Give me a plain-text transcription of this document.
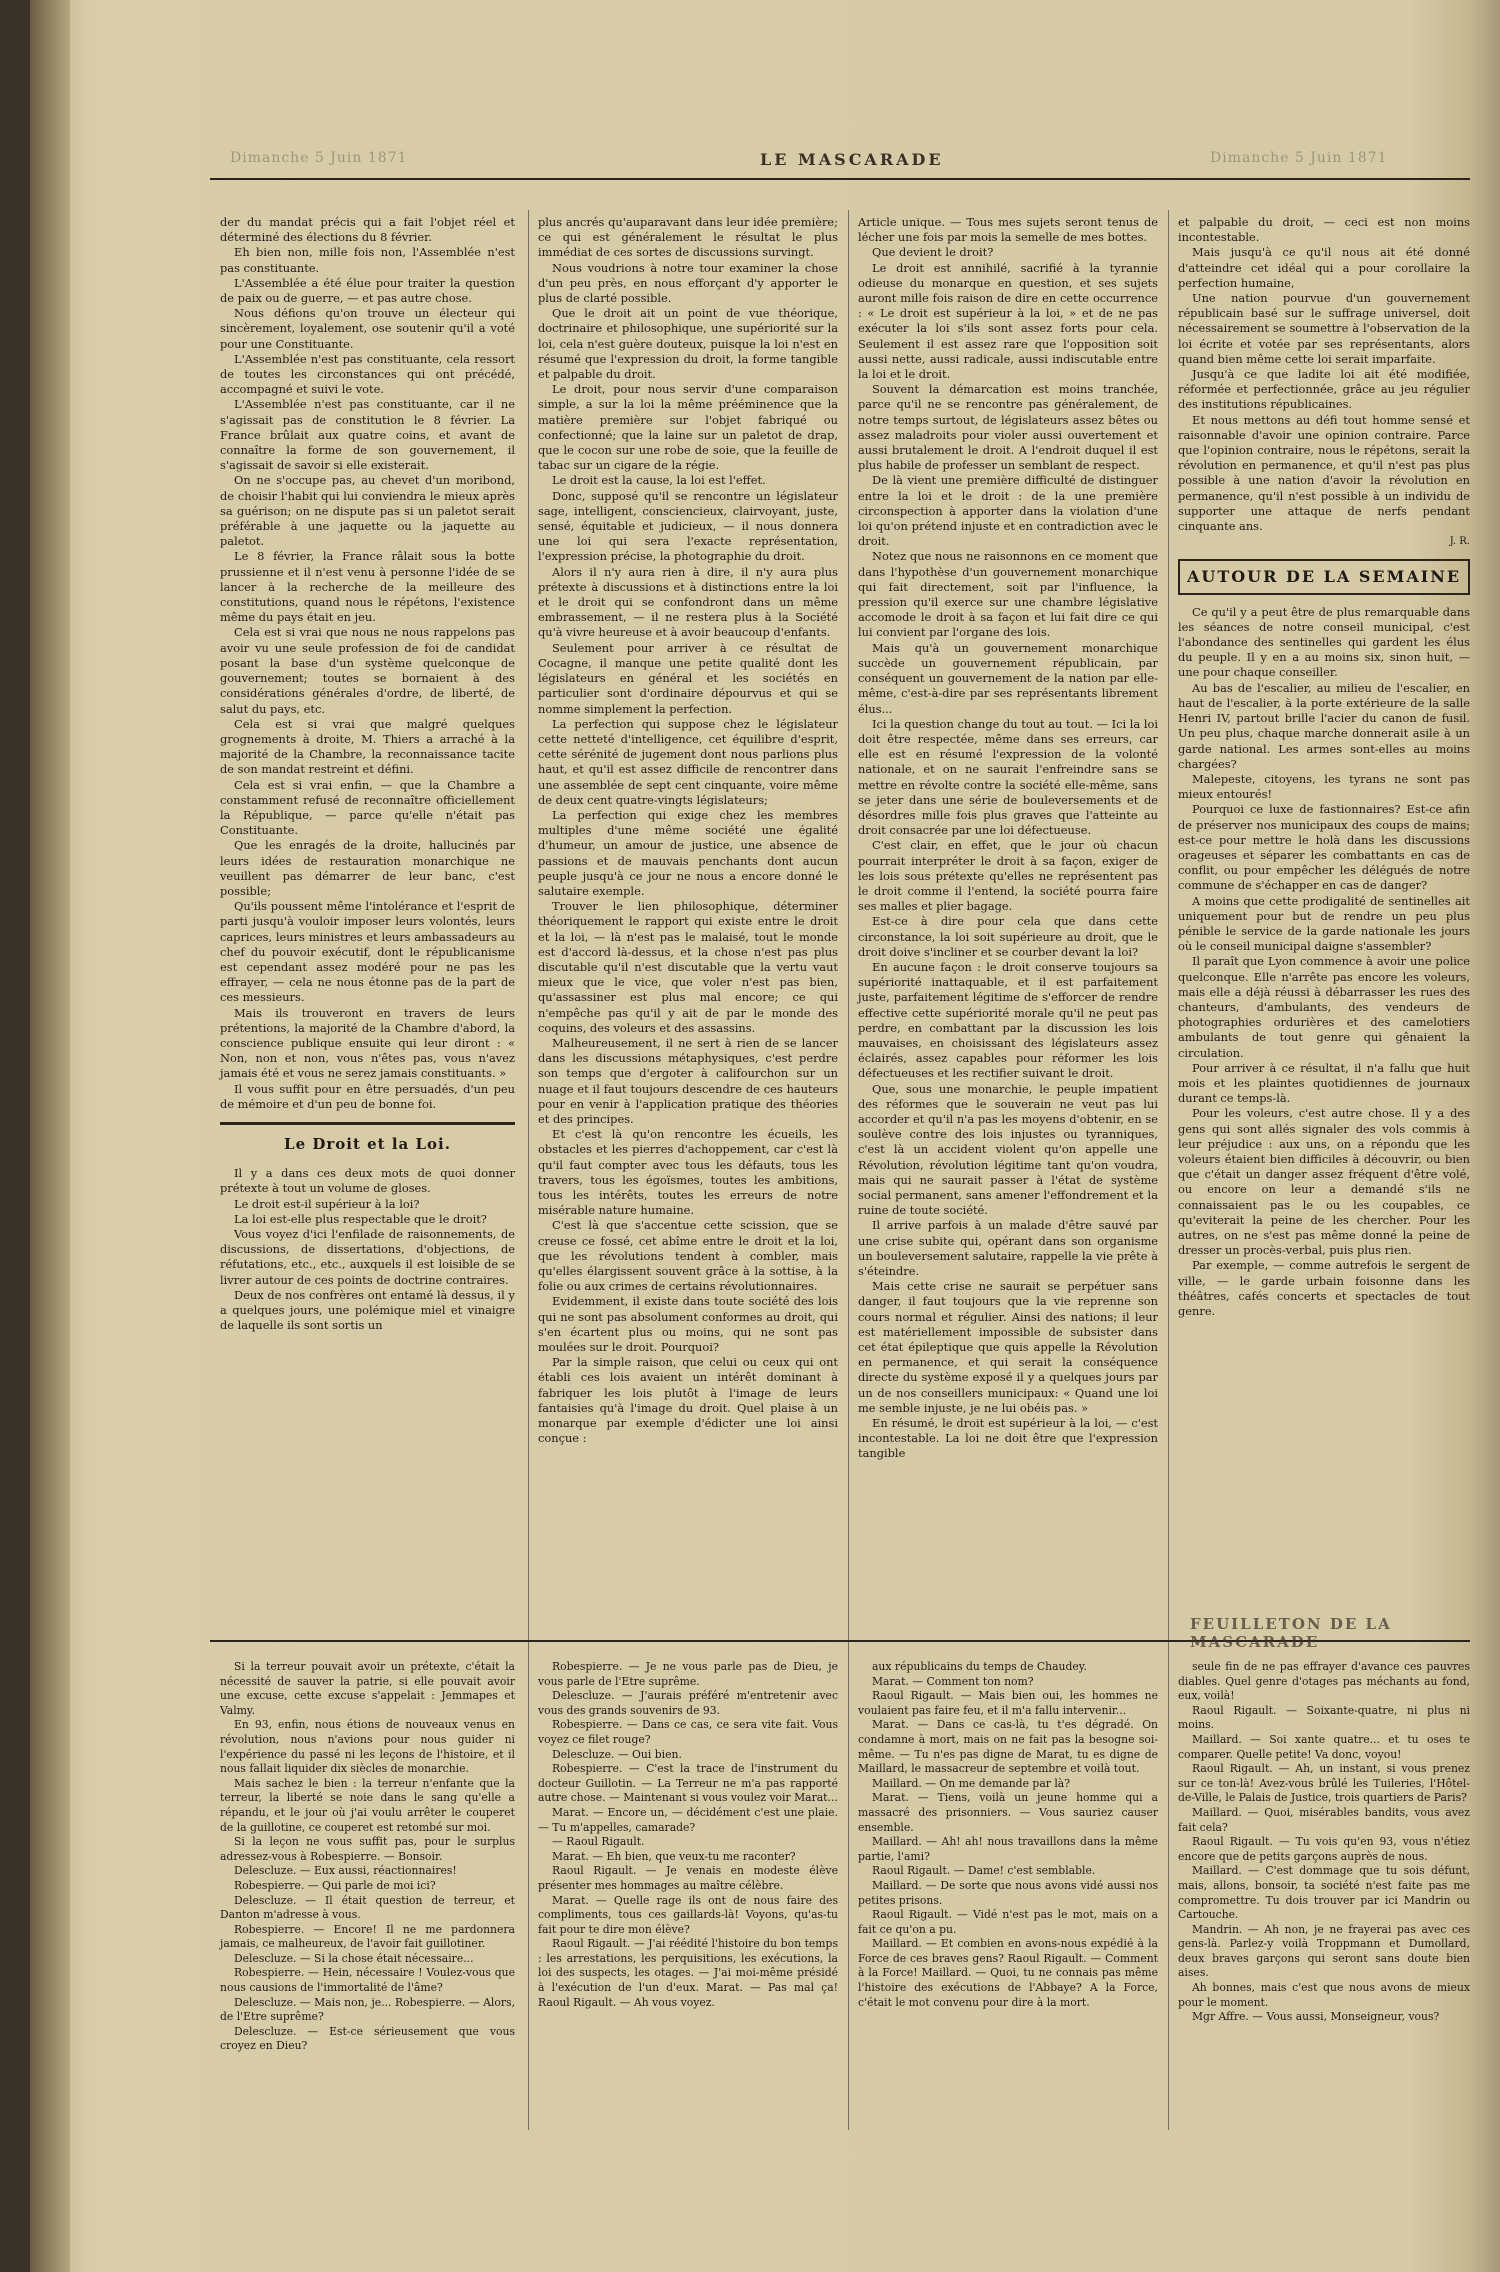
Dimanche 5 Juin 1871	LE MASCARADE	Dimanche 5 Juin 1871

der du mandat précis qui a fait l'objet réel et déterminé des élections du 8 février.

Eh bien non, mille fois non, l'Assemblée n'est pas constituante.

L'Assemblée a été élue pour traiter la question de paix ou de guerre, — et pas autre chose.

Nous défions qu'on trouve un électeur qui sincèrement, loyalement, ose soutenir qu'il a voté pour une Constituante.

L'Assemblée n'est pas constituante, cela ressort de toutes les circonstances qui ont précédé, accompagné et suivi le vote.

L'Assemblée n'est pas constituante, car il ne s'agissait pas de constitution le 8 février. La France brûlait aux quatre coins, et avant de connaître la forme de son gouvernement, il s'agissait de savoir si elle existerait.

On ne s'occupe pas, au chevet d'un moribond, de choisir l'habit qui lui conviendra le mieux après sa guérison; on ne dispute pas si un paletot serait préférable à une jaquette ou la jaquette au paletot.

Le 8 février, la France râlait sous la botte prussienne et il n'est venu à personne l'idée de se lancer à la recherche de la meilleure des constitutions, quand nous le répétons, l'existence même du pays était en jeu.

Cela est si vrai que nous ne nous rappelons pas avoir vu une seule profession de foi de candidat posant la base d'un système quelconque de gouvernement; toutes se bornaient à des considérations générales d'ordre, de liberté, de salut du pays, etc.

Cela est si vrai que malgré quelques grognements à droite, M. Thiers a arraché à la majorité de la Chambre, la reconnaissance tacite de son mandat restreint et défini.

Cela est si vrai enfin, — que la Chambre a constamment refusé de reconnaître officiellement la République, — parce qu'elle n'était pas Constituante.

Que les enragés de la droite, hallucinés par leurs idées de restauration monarchique ne veuillent pas démarrer de leur banc, c'est possible;

Qu'ils poussent même l'intolérance et l'esprit de parti jusqu'à vouloir imposer leurs volontés, leurs caprices, leurs ministres et leurs ambassadeurs au chef du pouvoir exécutif, dont le républicanisme est cependant assez modéré pour ne pas les effrayer, — cela ne nous étonne pas de la part de ces messieurs.

Mais ils trouveront en travers de leurs prétentions, la majorité de la Chambre d'abord, la conscience publique ensuite qui leur diront : « Non, non et non, vous n'êtes pas, vous n'avez jamais été et vous ne serez jamais constituants. »

Il vous suffit pour en être persuadés, d'un peu de mémoire et d'un peu de bonne foi.

Le Droit et la Loi.

Il y a dans ces deux mots de quoi donner prétexte à tout un volume de gloses.

Le droit est-il supérieur à la loi?

La loi est-elle plus respectable que le droit?

Vous voyez d'ici l'enfilade de raisonnements, de discussions, de dissertations, d'objections, de réfutations, etc., etc., auxquels il est loisible de se livrer autour de ces points de doctrine contraires.

Deux de nos confrères ont entamé là dessus, il y a quelques jours, une polémique miel et vinaigre de laquelle ils sont sortis un

plus ancrés qu'auparavant dans leur idée première; ce qui est généralement le résultat le plus immédiat de ces sortes de discussions survingt.

Nous voudrions à notre tour examiner la chose d'un peu près, en nous efforçant d'y apporter le plus de clarté possible.

Que le droit ait un point de vue théorique, doctrinaire et philosophique, une supériorité sur la loi, cela n'est guère douteux, puisque la loi n'est en résumé que l'expression du droit, la forme tangible et palpable du droit.

Le droit, pour nous servir d'une comparaison simple, a sur la loi la même prééminence que la matière première sur l'objet fabriqué ou confectionné; que la laine sur un paletot de drap, que le cocon sur une robe de soie, que la feuille de tabac sur un cigare de la régie.

Le droit est la cause, la loi est l'effet.

Donc, supposé qu'il se rencontre un législateur sage, intelligent, consciencieux, clairvoyant, juste, sensé, équitable et judicieux, — il nous donnera une loi qui sera l'exacte représentation, l'expression précise, la photographie du droit.

Alors il n'y aura rien à dire, il n'y aura plus prétexte à discussions et à distinctions entre la loi et le droit qui se confondront dans un même embrassement, — il ne restera plus à la Société qu'à vivre heureuse et à avoir beaucoup d'enfants.

Seulement pour arriver à ce résultat de Cocagne, il manque une petite qualité dont les législateurs en général et les sociétés en particulier sont d'ordinaire dépourvus et qui se nomme simplement la perfection.

La perfection qui suppose chez le législateur cette netteté d'intelligence, cet équilibre d'esprit, cette sérénité de jugement dont nous parlions plus haut, et qu'il est assez difficile de rencontrer dans une assemblée de sept cent cinquante, voire même de deux cent quatre-vingts législateurs;

La perfection qui exige chez les membres multiples d'une même société une égalité d'humeur, un amour de justice, une absence de passions et de mauvais penchants dont aucun peuple jusqu'à ce jour ne nous a encore donné le salutaire exemple.

Trouver le lien philosophique, déterminer théoriquement le rapport qui existe entre le droit et la loi, — là n'est pas le malaisé, tout le monde est d'accord là-dessus, et la chose n'est pas plus discutable qu'il n'est discutable que la vertu vaut mieux que le vice, que voler n'est pas bien, qu'assassiner est plus mal encore; ce qui n'empêche pas qu'il y ait de par le monde des coquins, des voleurs et des assassins.

Malheureusement, il ne sert à rien de se lancer dans les discussions métaphysiques, c'est perdre son temps que d'ergoter à califourchon sur un nuage et il faut toujours descendre de ces hauteurs pour en venir à l'application pratique des théories et des principes.

Et c'est là qu'on rencontre les écueils, les obstacles et les pierres d'achoppement, car c'est là qu'il faut compter avec tous les défauts, tous les travers, tous les égoïsmes, toutes les ambitions, tous les intérêts, toutes les erreurs de notre misérable nature humaine.

C'est là que s'accentue cette scission, que se creuse ce fossé, cet abîme entre le droit et la loi, que les révolutions tendent à combler, mais qu'elles élargissent souvent grâce à la sottise, à la folie ou aux crimes de certains révolutionnaires.

Evidemment, il existe dans toute société des lois qui ne sont pas absolument conformes au droit, qui s'en écartent plus ou moins, qui ne sont pas moulées sur le droit. Pourquoi?

Par la simple raison, que celui ou ceux qui ont établi ces lois avaient un intérêt dominant à fabriquer les lois plutôt à l'image de leurs fantaisies qu'à l'image du droit. Quel plaise à un monarque par exemple d'édicter une loi ainsi conçue :

Article unique. — Tous mes sujets seront tenus de lécher une fois par mois la semelle de mes bottes.

Que devient le droit?

Le droit est annihilé, sacrifié à la tyrannie odieuse du monarque en question, et ses sujets auront mille fois raison de dire en cette occurrence : « Le droit est supérieur à la loi, » et de ne pas exécuter la loi s'ils sont assez forts pour cela. Seulement il est assez rare que l'opposition soit aussi nette, aussi radicale, aussi indiscutable entre la loi et le droit.

Souvent la démarcation est moins tranchée, parce qu'il ne se rencontre pas généralement, de notre temps surtout, de législateurs assez bêtes ou assez maladroits pour violer aussi ouvertement et aussi brutalement le droit. A l'endroit duquel il est plus habile de professer un semblant de respect.

De là vient une première difficulté de distinguer entre la loi et le droit : de la une première circonspection à apporter dans la violation d'une loi qu'on prétend injuste et en contradiction avec le droit.

Notez que nous ne raisonnons en ce moment que dans l'hypothèse d'un gouvernement monarchique qui fait directement, soit par l'influence, la pression qu'il exerce sur une chambre législative accomode le droit à sa façon et lui fait dire ce qui lui convient par l'organe des lois.

Mais qu'à un gouvernement monarchique succède un gouvernement républicain, par conséquent un gouvernement de la nation par elle-même, c'est-à-dire par ses représentants librement élus...

Ici la question change du tout au tout. — Ici la loi doit être respectée, même dans ses erreurs, car elle est en résumé l'expression de la volonté nationale, et on ne saurait l'enfreindre sans se mettre en révolte contre la société elle-même, sans se jeter dans une série de bouleversements et de désordres mille fois plus graves que l'atteinte au droit consacrée par une loi défectueuse.

C'est clair, en effet, que le jour où chacun pourrait interpréter le droit à sa façon, exiger de les lois sous prétexte qu'elles ne représentent pas le droit comme il l'entend, la société pourra faire ses malles et plier bagage.

Est-ce à dire pour cela que dans cette circonstance, la loi soit supérieure au droit, que le droit doive s'incliner et se courber devant la loi?

En aucune façon : le droit conserve toujours sa supériorité inattaquable, et il est parfaitement juste, parfaitement légitime de s'efforcer de rendre effective cette supériorité morale qu'il ne peut pas perdre, en combattant par la discussion les lois mauvaises, en choisissant des législateurs assez éclairés, assez capables pour réformer les lois défectueuses et les rectifier suivant le droit.

Que, sous une monarchie, le peuple impatient des réformes que le souverain ne veut pas lui accorder et qu'il n'a pas les moyens d'obtenir, en se soulève contre des lois injustes ou tyranniques, c'est là un accident violent qu'on appelle une Révolution, révolution légitime tant qu'on voudra, mais qui ne saurait passer à l'état de système social permanent, sans amener l'effondrement et la ruine de toute société.

Il arrive parfois à un malade d'être sauvé par une crise subite qui, opérant dans son organisme un bouleversement salutaire, rappelle la vie prête à s'éteindre.

Mais cette crise ne saurait se perpétuer sans danger, il faut toujours que la vie reprenne son cours normal et régulier. Ainsi des nations; il leur est matériellement impossible de subsister dans cet état épileptique que quis appelle la Révolution en permanence, et qui serait la conséquence directe du système exposé il y a quelques jours par un de nos conseillers municipaux: « Quand une loi me semble injuste, je ne lui obéis pas. »

En résumé, le droit est supérieur à la loi, — c'est incontestable. La loi ne doit être que l'expression tangible

et palpable du droit, — ceci est non moins incontestable.

Mais jusqu'à ce qu'il nous ait été donné d'atteindre cet idéal qui a pour corollaire la perfection humaine,

Une nation pourvue d'un gouvernement républicain basé sur le suffrage universel, doit nécessairement se soumettre à l'observation de la loi écrite et votée par ses représentants, alors quand bien même cette loi serait imparfaite.

Jusqu'à ce que ladite loi ait été modifiée, réformée et perfectionnée, grâce au jeu régulier des institutions républicaines.

Et nous mettons au défi tout homme sensé et raisonnable d'avoir une opinion contraire. Parce que l'opinion contraire, nous le répétons, serait la révolution en permanence, et qu'il n'est pas plus possible à une nation d'avoir la révolution en permanence, qu'il n'est possible à un individu de supporter une attaque de nerfs pendant cinquante ans.

J. R.
AUTOUR DE LA SEMAINE

Ce qu'il y a peut être de plus remarquable dans les séances de notre conseil municipal, c'est l'abondance des sentinelles qui gardent les élus du peuple. Il y en a au moins six, sinon huit, — une pour chaque conseiller.

Au bas de l'escalier, au milieu de l'escalier, en haut de l'escalier, à la porte extérieure de la salle Henri IV, partout brille l'acier du canon de fusil. Un peu plus, chaque marche donnerait asile à un garde national. Les armes sont-elles au moins chargées?

Malepeste, citoyens, les tyrans ne sont pas mieux entourés!

Pourquoi ce luxe de fastionnaires? Est-ce afin de préserver nos municipaux des coups de mains; est-ce pour mettre le holà dans les discussions orageuses et séparer les combattants en cas de conflit, ou pour empêcher les délégués de notre commune de s'échapper en cas de danger?

A moins que cette prodigalité de sentinelles ait uniquement pour but de rendre un peu plus pénible le service de la garde nationale les jours où le conseil municipal daigne s'assembler?

Il paraît que Lyon commence à avoir une police quelconque. Elle n'arrête pas encore les voleurs, mais elle a déjà réussi à débarrasser les rues des chanteurs, d'ambulants, des vendeurs de photographies ordurières et des camelotiers ambulants de tout genre qui gênaient la circulation.

Pour arriver à ce résultat, il n'a fallu que huit mois et les plaintes quotidiennes de journaux durant ce temps-là.

Pour les voleurs, c'est autre chose. Il y a des gens qui sont allés signaler des vols commis à leur préjudice : aux uns, on a répondu que les voleurs étaient bien difficiles à découvrir, ou bien que c'était un danger assez fréquent d'être volé, ou encore on leur a demandé s'ils ne connaissaient pas le ou les coupables, ce qu'eviterait la peine de les chercher. Pour les autres, on ne s'est pas même donné la peine de dresser un procès-verbal, puis plus rien.

Par exemple, — comme autrefois le sergent de ville, — le garde urbain foisonne dans les théâtres, cafés concerts et spectacles de tout genre.

FEUILLETON DE LA MASCARADE

Si la terreur pouvait avoir un prétexte, c'était la nécessité de sauver la patrie, si elle pouvait avoir une excuse, cette excuse s'appelait : Jemmapes et Valmy.

En 93, enfin, nous étions de nouveaux venus en révolution, nous n'avions pour nous guider ni l'expérience du passé ni les leçons de l'histoire, et il nous fallait liquider dix siècles de monarchie.

Mais sachez le bien : la terreur n'enfante que la terreur, la liberté se noie dans le sang qu'elle a répandu, et le jour où j'ai voulu arrêter le couperet de la guillotine, ce couperet est retombé sur moi.

Si la leçon ne vous suffit pas, pour le surplus adressez-vous à Robespierre. — Bonsoir.

Delescluze. — Eux aussi, réactionnaires!

Robespierre. — Qui parle de moi ici?

Delescluze. — Il était question de terreur, et Danton m'adresse à vous.

Robespierre. — Encore! Il ne me pardonnera jamais, ce malheureux, de l'avoir fait guillotiner.

Delescluze. — Si la chose était nécessaire...

Robespierre. — Hein, nécessaire ! Voulez-vous que nous causions de l'immortalité de l'âme?

Delescluze. — Mais non, je... Robespierre. — Alors, de l'Etre suprême?

Delescluze. — Est-ce sérieusement que vous croyez en Dieu?

Robespierre. — Je ne vous parle pas de Dieu, je vous parle de l'Etre suprême.

Delescluze. — J'aurais préféré m'entretenir avec vous des grands souvenirs de 93.

Robespierre. — Dans ce cas, ce sera vite fait. Vous voyez ce filet rouge?

Delescluze. — Oui bien.

Robespierre. — C'est la trace de l'instrument du docteur Guillotin. — La Terreur ne m'a pas rapporté autre chose. — Maintenant si vous voulez voir Marat...

Marat. — Encore un, — décidément c'est une plaie. — Tu m'appelles, camarade?

— Raoul Rigault.

Marat. — Eh bien, que veux-tu me raconter?

Raoul Rigault. — Je venais en modeste élève présenter mes hommages au maître célèbre.

Marat. — Quelle rage ils ont de nous faire des compliments, tous ces gaillards-là! Voyons, qu'as-tu fait pour te dire mon élève?

Raoul Rigault. — J'ai réédité l'histoire du bon temps : les arrestations, les perquisitions, les exécutions, la loi des suspects, les otages. — J'ai moi-même présidé à l'exécution de l'un d'eux. Marat. — Pas mal ça! Raoul Rigault. — Ah vous voyez.

aux républicains du temps de Chaudey.

Marat. — Comment ton nom?

Raoul Rigault. — Mais bien oui, les hommes ne voulaient pas faire feu, et il m'a fallu intervenir...

Marat. — Dans ce cas-là, tu t'es dégradé. On condamne à mort, mais on ne fait pas la besogne soi-même. — Tu n'es pas digne de Marat, tu es digne de Maillard, le massacreur de septembre et voilà tout.

Maillard. — On me demande par là?

Marat. — Tiens, voilà un jeune homme qui a massacré des prisonniers. — Vous sauriez causer ensemble.

Maillard. — Ah! ah! nous travaillons dans la même partie, l'ami?

Raoul Rigault. — Dame! c'est semblable.

Maillard. — De sorte que nous avons vidé aussi nos petites prisons.

Raoul Rigault. — Vidé n'est pas le mot, mais on a fait ce qu'on a pu.

Maillard. — Et combien en avons-nous expédié à la Force de ces braves gens? Raoul Rigault. — Comment à la Force! Maillard. — Quoi, tu ne connais pas même l'histoire des exécutions de l'Abbaye? A la Force, c'était le mot convenu pour dire à la mort.

seule fin de ne pas effrayer d'avance ces pauvres diables. Quel genre d'otages pas méchants au fond, eux, voilà!

Raoul Rigault. — Soixante-quatre, ni plus ni moins.

Maillard. — Soi xante quatre... et tu oses te comparer. Quelle petite! Va donc, voyou!

Raoul Rigault. — Ah, un instant, si vous prenez sur ce ton-là! Avez-vous brûlé les Tuileries, l'Hôtel-de-Ville, le Palais de Justice, trois quartiers de Paris?

Maillard. — Quoi, misérables bandits, vous avez fait cela?

Raoul Rigault. — Tu vois qu'en 93, vous n'étiez encore que de petits garçons auprès de nous.

Maillard. — C'est dommage que tu sois défunt, mais, allons, bonsoir, ta société n'est faite pas me compromettre. Tu dois trouver par ici Mandrin ou Cartouche.

Mandrin. — Ah non, je ne frayerai pas avec ces gens-là. Parlez-y voilà Troppmann et Dumollard, deux braves garçons qui seront sans doute bien aises.

Ah bonnes, mais c'est que nous avons de mieux pour le moment.

Mgr Affre. — Vous aussi, Monseigneur, vous?
